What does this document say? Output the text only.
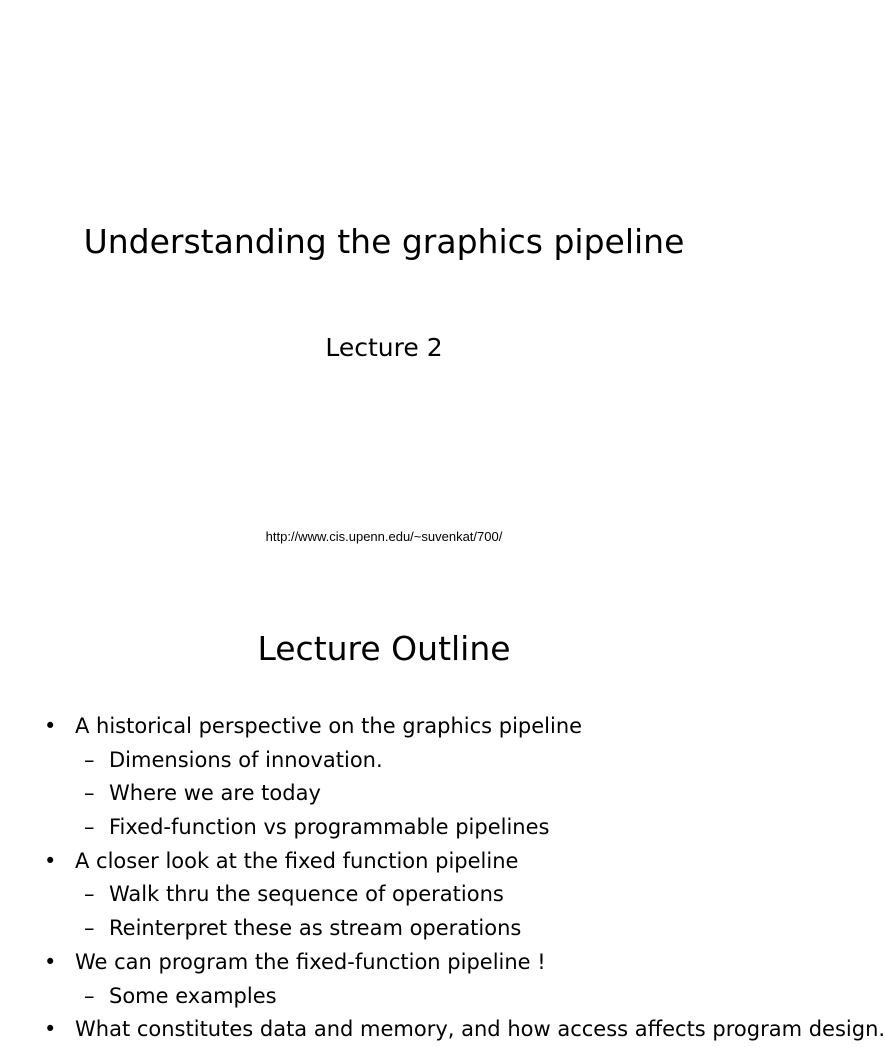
Understanding the graphics pipeline
Lecture 2
http://www.cis.upenn.edu/~suvenkat/700/
Lecture Outline
• A historical perspective on the graphics pipeline
– Dimensions of innovation.
– Where we are today
– Fixed-function vs programmable pipelines
• A closer look at the fixed function pipeline
– Walk thru the sequence of operations
– Reinterpret these as stream operations
• We can program the fixed-function pipeline !
– Some examples
• What constitutes data and memory, and how access affects program design.
